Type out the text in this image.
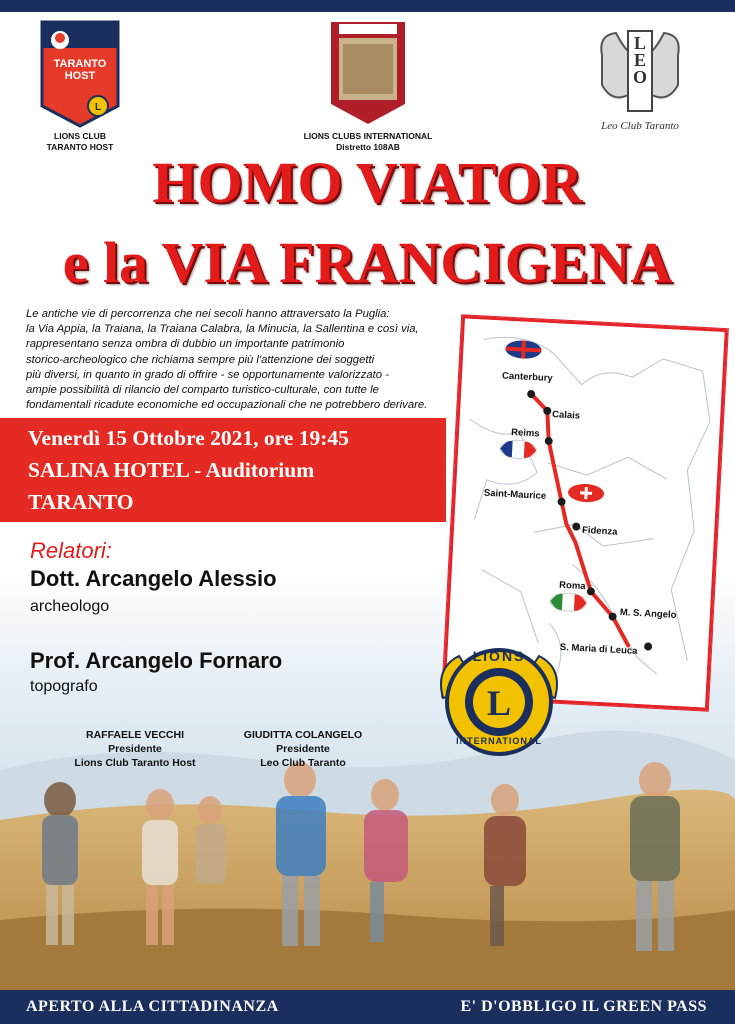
L
TARANTO
HOST
LIONS CLUB
TARANTO HOST
LIONS CLUBS INTERNATIONAL
Distretto 108AB
LEO
Leo Club Taranto
HOMO VIATOR
e la VIA FRANCIGENA
Le antiche vie di percorrenza che nei secoli hanno attraversato la Puglia:
la Via Appia, la Traiana, la Traiana Calabra, la Minucia, la Sallentina e così via,
rappresentano senza ombra di dubbio un importante patrimonio
storico-archeologico che richiama sempre più l'attenzione dei soggetti
più diversi, in quanto in grado di offrire - se opportunamente valorizzato -
ampie possibilità di rilancio del comparto turistico-culturale, con tutte le
fondamentali ricadute economiche ed occupazionali che ne potrebbero derivare.
Venerdì 15 Ottobre 2021, ore 19:45
SALINA HOTEL - Auditorium
TARANTO
Relatori:
Dott. Arcangelo Alessio
archeologo
Prof. Arcangelo Fornaro
topografo
RAFFAELE VECCHI
Presidente
Lions Club Taranto Host
GIUDITTA COLANGELO
Presidente
Leo Club Taranto
Canterbury
Calais
Reims
Saint-Maurice
Fidenza
Roma
M. S. Angelo
S. Maria di Leuca
LIONS
L
INTERNATIONAL
APERTO ALLA CITTADINANZA	E' D'OBBLIGO IL GREEN PASS
